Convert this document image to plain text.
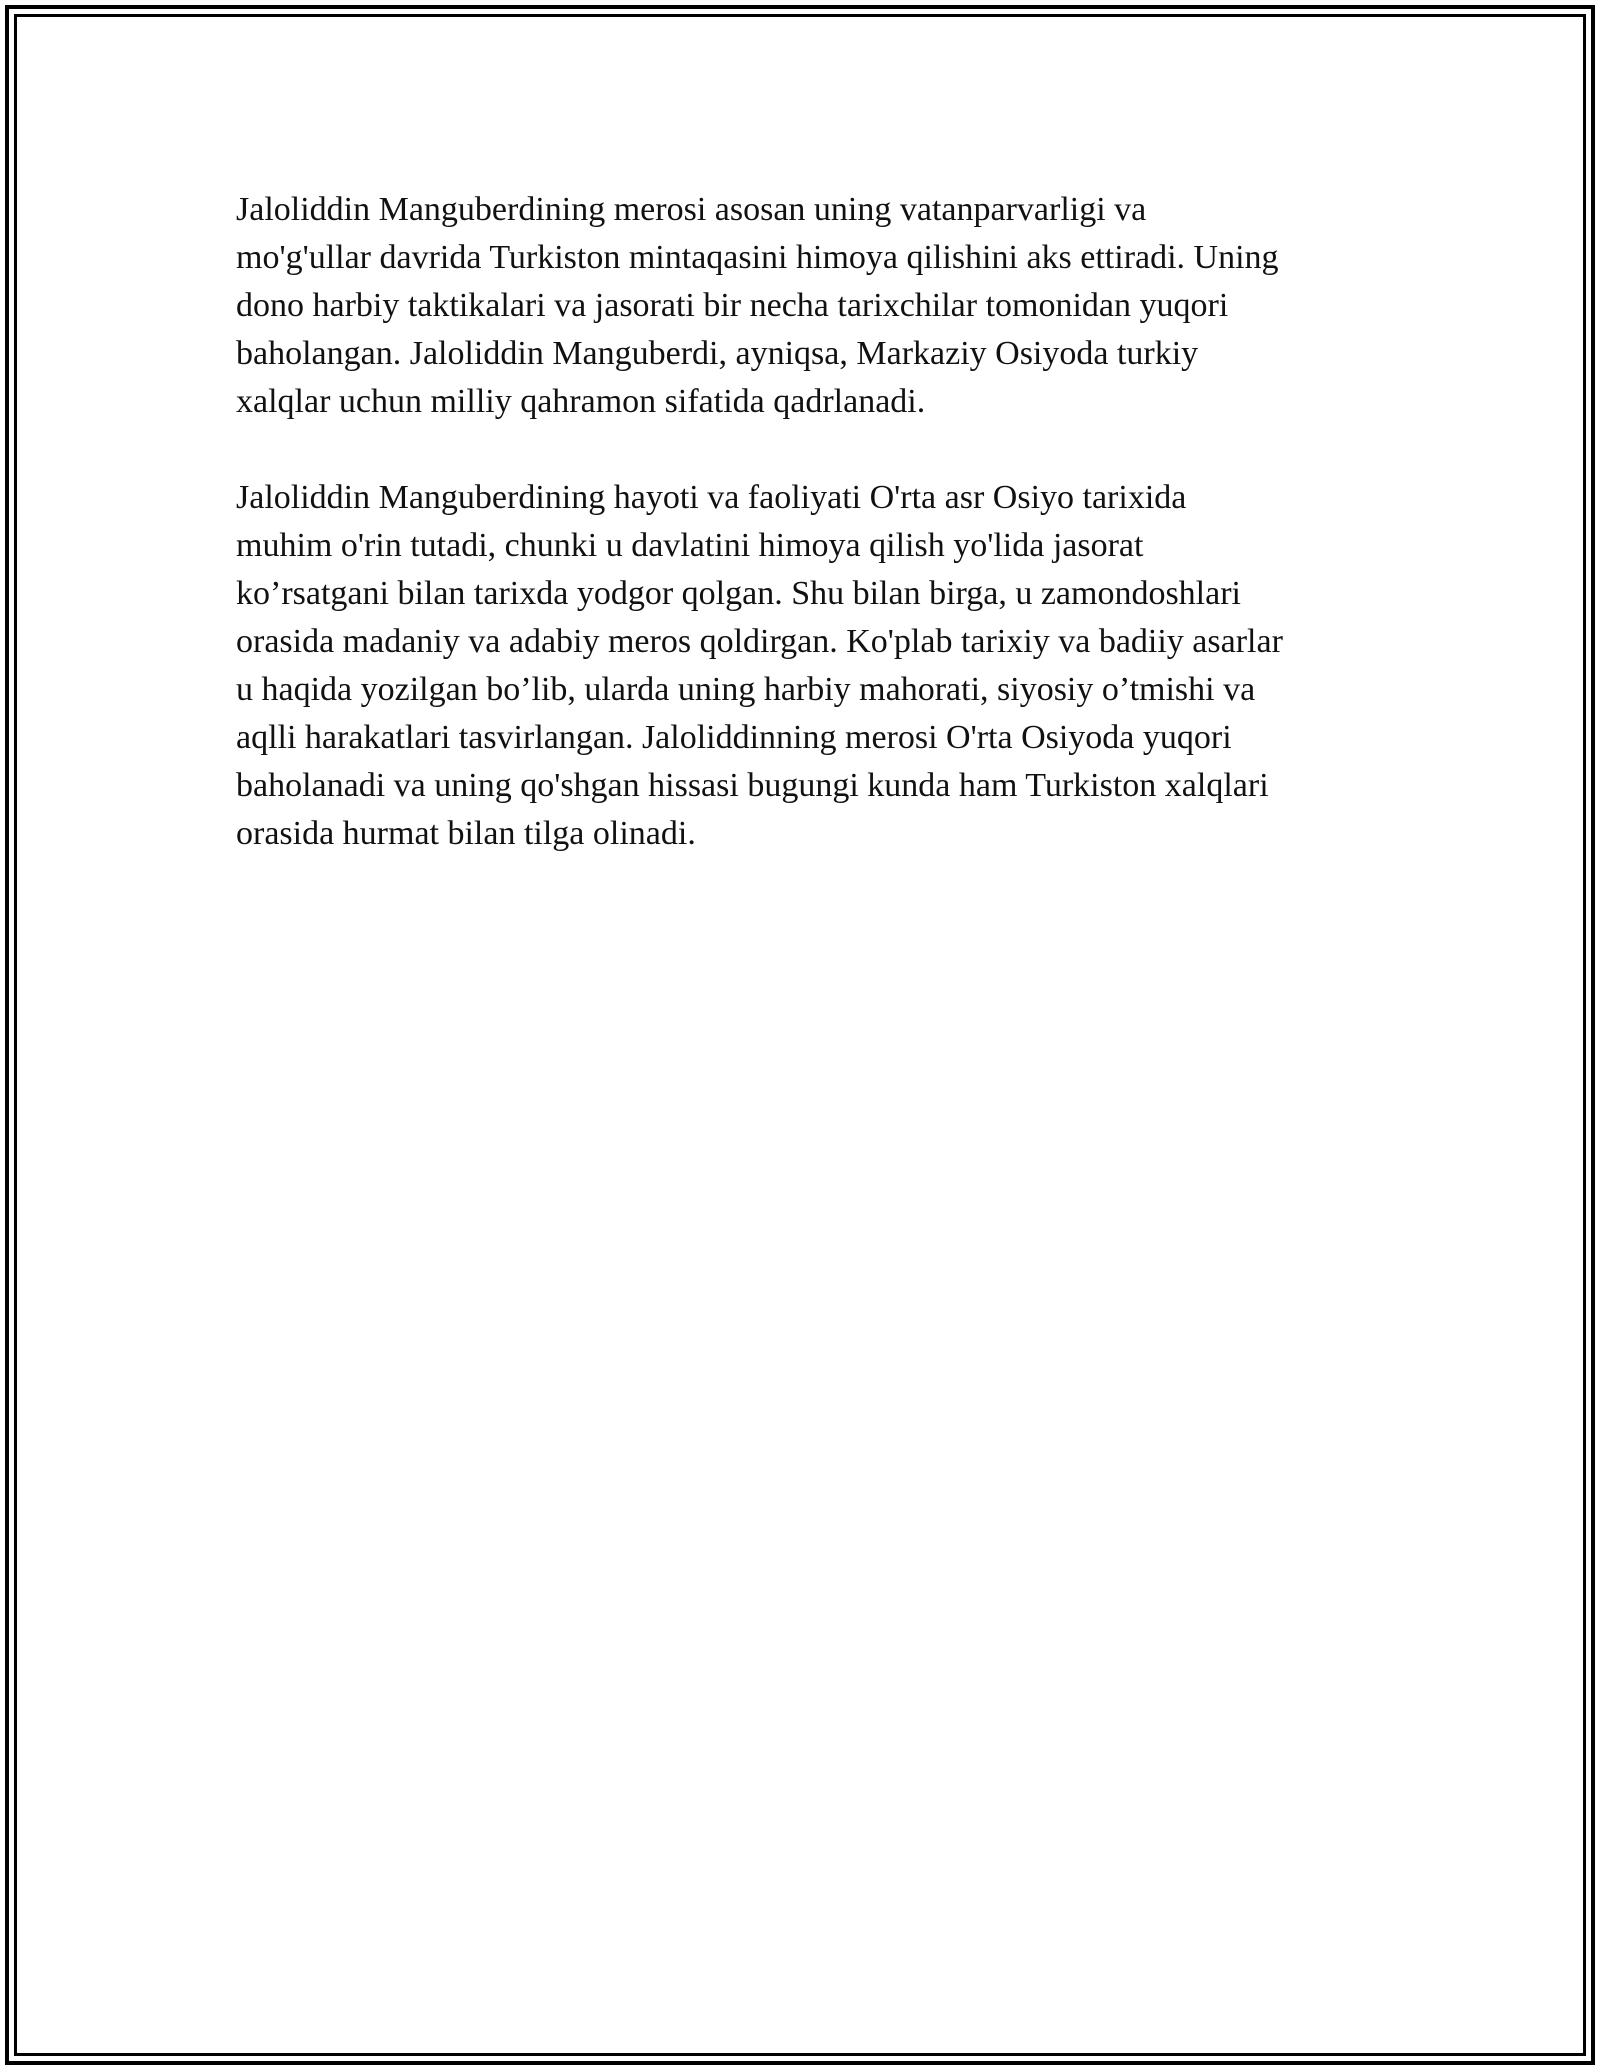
Jaloliddin Manguberdining merosi asosan uning vatanparvarligi va
mo'g'ullar davrida Turkiston mintaqasini himoya qilishini aks ettiradi. Uning
dono harbiy taktikalari va jasorati bir necha tarixchilar tomonidan yuqori
baholangan. Jaloliddin Manguberdi, ayniqsa, Markaziy Osiyoda turkiy
xalqlar uchun milliy qahramon sifatida qadrlanadi.

Jaloliddin Manguberdining hayoti va faoliyati O'rta asr Osiyo tarixida
muhim o'rin tutadi, chunki u davlatini himoya qilish yo'lida jasorat
ko’rsatgani bilan tarixda yodgor qolgan. Shu bilan birga, u zamondoshlari
orasida madaniy va adabiy meros qoldirgan. Ko'plab tarixiy va badiiy asarlar
u haqida yozilgan bo’lib, ularda uning harbiy mahorati, siyosiy o’tmishi va
aqlli harakatlari tasvirlangan. Jaloliddinning merosi O'rta Osiyoda yuqori
baholanadi va uning qo'shgan hissasi bugungi kunda ham Turkiston xalqlari
orasida hurmat bilan tilga olinadi.
